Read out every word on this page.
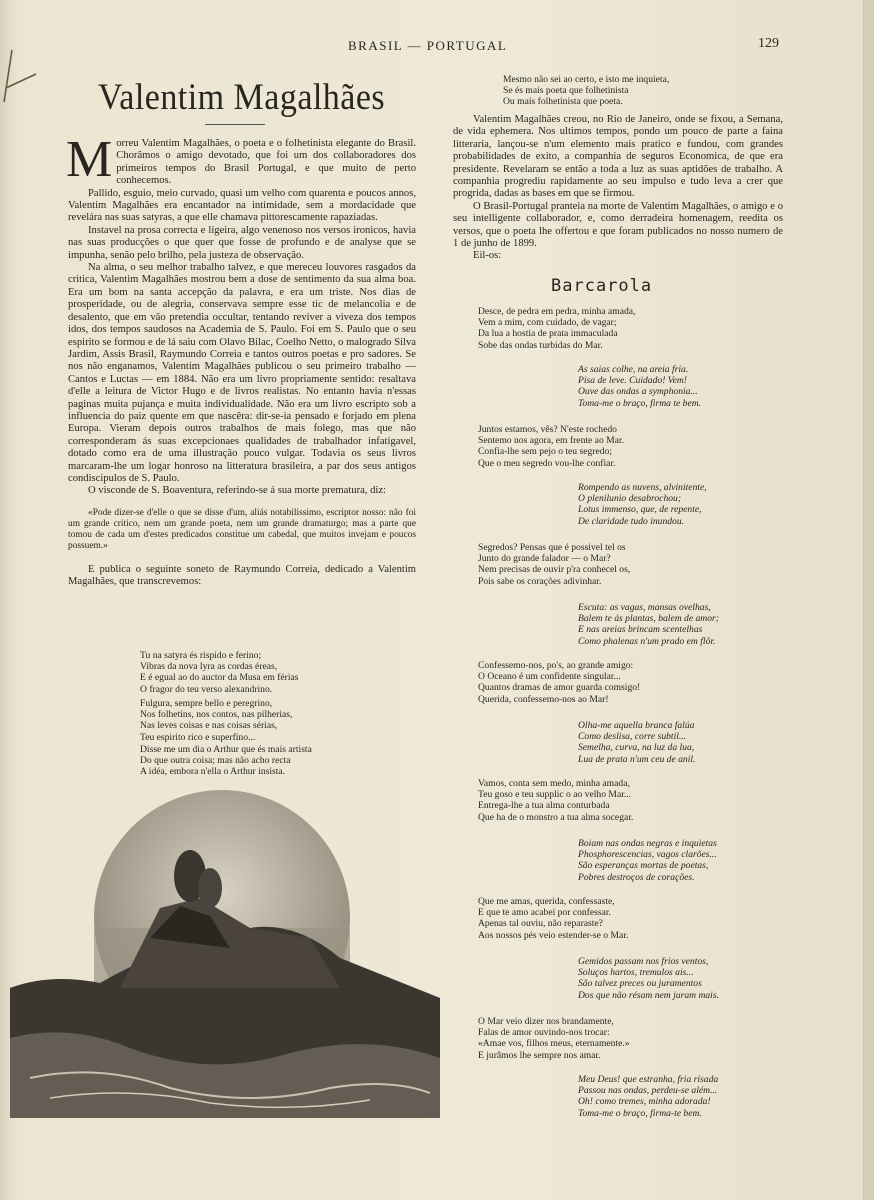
BRASIL — PORTUGAL	129
Valentim Magalhães

Morreu Valentim Magalhães, o poeta e o folhetinista elegante do Brasil. Chorâmos o amigo devotado, que foi um dos collaboradores dos primeiros tempos do Brasil Portugal, e que muito de perto conhecemos.

Pallido, esguio, meio curvado, quasi um velho com quarenta e poucos annos, Valentim Magalhães era encantador na intimidade, sem a mordacidade que revelára nas suas satyras, a que elle chamava pittorescamente rapaziadas.

Instavel na prosa correcta e ligeira, algo venenoso nos versos ironicos, havia nas suas producções o que quer que fosse de profundo e de analyse que se impunha, senão pelo brilho, pela justeza de observação.

Na alma, o seu melhor trabalho talvez, e que mereceu louvores rasgados da critica, Valentim Magalhães mostrou bem a dose de sentimento da sua alma boa. Era um bom na santa accepção da palavra, e era um triste. Nos dias de prosperidade, ou de alegria, conservava sempre esse tic de melancolia e de desalento, que em vão pretendia occultar, tentando reviver a viveza dos tempos idos, dos tempos saudosos na Academia de S. Paulo. Foi em S. Paulo que o seu espirito se formou e de lá saiu com Olavo Bilac, Coelho Netto, o malogrado Silva Jardim, Assis Brasil, Raymundo Correia e tantos outros poetas e pro sadores. Se nos não enganamos, Valentim Magalhães publicou o seu primeiro trabalho — Cantos e Luctas — em 1884. Não era um livro propriamente sentido: resaltava d'elle a leitura de Victor Hugo e de livros realistas. No entanto havia n'essas paginas muita pujança e muita individualidade. Não era um livro escripto sob a influencia do paiz quente em que nascêra: dir-se-ia pensado e forjado em plena Europa. Vieram depois outros trabalhos de mais folego, mas que não corresponderam ás suas excepcionaes qualidades de trabalhador infatigavel, dotado como era de uma illustração pouco vulgar. Todavia os seus livros marcaram-lhe um logar honroso na litteratura brasileira, a par dos seus antigos condiscipulos de S. Paulo.

O visconde de S. Boaventura, referindo-se á sua morte prematura, diz:

«Pode dizer-se d'elle o que se disse d'um, aliás notabilissimo, escriptor nosso: não foi um grande critico, nem um grande poeta, nem um grande dramaturgo; mas a parte que tomou de cada um d'estes predicados constitue um cabedal, que muitos invejam e poucos possuem.»

E publica o seguinte soneto de Raymundo Correia, dedicado a Valentim Magalhães, que transcrevemos:

Tu na satyra és rispido e ferino;
Vibras da nova lyra as cordas éreas,
E é egual ao do auctor da Musa em férias
O fragor do teu verso alexandrino.
Fulgura, sempre bello e peregrino,
Nos folhetins, nos contos, nas pilherias,
Nas leves coisas e nas coisas sérias,
Teu espirito rico e superfino...
Disse me um dia o Arthur que és mais artista
Do que outra coisa; mas não acho recta
A idéa, embora n'ella o Arthur insista.
Mesmo não sei ao certo, e isto me inquieta,
Se és mais poeta que folhetinista
Ou mais folhetinista que poeta.

Valentim Magalhães creou, no Rio de Janeiro, onde se fixou, a Semana, de vida ephemera. Nos ultimos tempos, pondo um pouco de parte a faina litteraria, lançou-se n'um elemento mais pratico e fundou, com grandes probabilidades de exito, a companhia de seguros Economica, de que era presidente. Revelaram se então a toda a luz as suas aptidões de trabalho. A companhia progrediu rapidamente ao seu impulso e tudo leva a crer que progrida, dadas as bases em que se firmou.

O Brasil-Portugal pranteia na morte de Valentim Magalhães, o amigo e o seu intelligente collaborador, e, como derradeira homenagem, reedita os versos, que o poeta lhe offertou e que foram publicados no nosso numero de 1 de junho de 1899.

Eil-os:

Barcarola
Desce, de pedra em pedra, minha amada,
Vem a mim, com cuidado, de vagar;
Da lua a hostia de prata immaculada
Sobe das ondas turbidas do Mar.
As saias colhe, na areia fria.
Pisa de leve. Cuidado! Vem!
Ouve das ondas a symphonia...
Toma-me o braço, firma te bem.
Juntos estamos, vês? N'este rochedo
Sentemo nos agora, em frente ao Mar.
Confia-lhe sem pejo o teu segredo;
Que o meu segredo vou-lhe confiar.
Rompendo as nuvens, alvinitente,
O plenilunio desabrochou;
Lotus immenso, que, de repente,
De claridade tudo inundou.
Segredos? Pensas que é possivel tel os
Junto do grande falador — o Mar?
Nem precisas de ouvir p'ra conhecel os,
Pois sabe os corações adivinhar.
Escuta: as vagas, mansas ovelhas,
Balem te ás plantas, balem de amor;
E nas areias brincam scentelhas
Como phalenas n'um prado em flôr.
Confessemo-nos, po's, ao grande amigo:
O Oceano é um confidente singular...
Quantos dramas de amor guarda comsigo!
Querida, confessemo-nos ao Mar!
Olha-me aquella branca falúa
Como deslisa, corre subtil...
Semelha, curva, na luz da lua,
Lua de prata n'um ceu de anil.
Vamos, conta sem medo, minha amada,
Teu goso e teu supplic o ao velho Mar...
Entrega-lhe a tua alma conturbada
Que ha de o monstro a tua alma socegar.
Boiam nas ondas negras e inquietas
Phosphorescencias, vagos clarões...
São esperanças mortas de poetas,
Pobres destroços de corações.
Que me amas, querida, confessaste,
E que te amo acabei por confessar.
Apenas tal ouviu, não reparaste?
Aos nossos pés veio estender-se o Mar.
Gemidos passam nos frios ventos,
Soluços hartos, tremulos ais...
São talvez preces ou juramentos
Dos que não résam nem juram mais.
O Mar veio dizer nos brandamente,
Falas de amor ouvindo-nos trocar:
«Amae vos, filhos meus, eternamente.»
E jurâmos lhe sempre nos amar.
Meu Deus! que estranha, fria risada
Passou nas ondas, perdeu-se além...
Oh! como tremes, minha adorada!
Toma-me o braço, firma-te bem.
